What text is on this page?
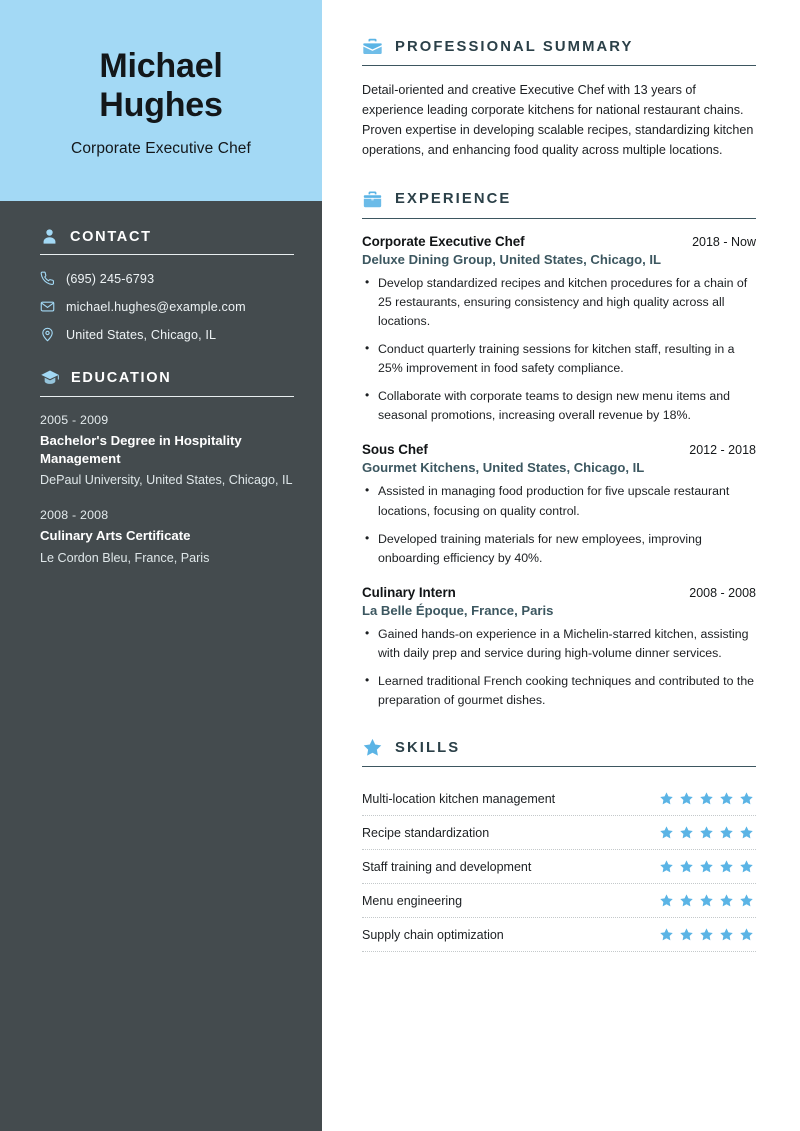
Michael
Hughes
Corporate Executive Chef
CONTACT
(695) 245-6793
michael.hughes@example.com
United States, Chicago, IL
EDUCATION
2005 - 2009
Bachelor's Degree in Hospitality Management
DePaul University, United States, Chicago, IL
2008 - 2008
Culinary Arts Certificate
Le Cordon Bleu, France, Paris
PROFESSIONAL SUMMARY

Detail-oriented and creative Executive Chef with 13 years of experience leading corporate kitchens for national restaurant chains. Proven expertise in developing scalable recipes, standardizing kitchen operations, and enhancing food quality across multiple locations.

EXPERIENCE
Corporate Executive Chef	2018 - Now
Deluxe Dining Group, United States, Chicago, IL
• Develop standardized recipes and kitchen procedures for a chain of 25 restaurants, ensuring consistency and high quality across all locations.
• Conduct quarterly training sessions for kitchen staff, resulting in a 25% improvement in food safety compliance.
• Collaborate with corporate teams to design new menu items and seasonal promotions, increasing overall revenue by 18%.
Sous Chef	2012 - 2018
Gourmet Kitchens, United States, Chicago, IL
• Assisted in managing food production for five upscale restaurant locations, focusing on quality control.
• Developed training materials for new employees, improving onboarding efficiency by 40%.
Culinary Intern	2008 - 2008
La Belle Époque, France, Paris
• Gained hands-on experience in a Michelin-starred kitchen, assisting with daily prep and service during high-volume dinner services.
• Learned traditional French cooking techniques and contributed to the preparation of gourmet dishes.
SKILLS
Multi-location kitchen management
Recipe standardization
Staff training and development
Menu engineering
Supply chain optimization
